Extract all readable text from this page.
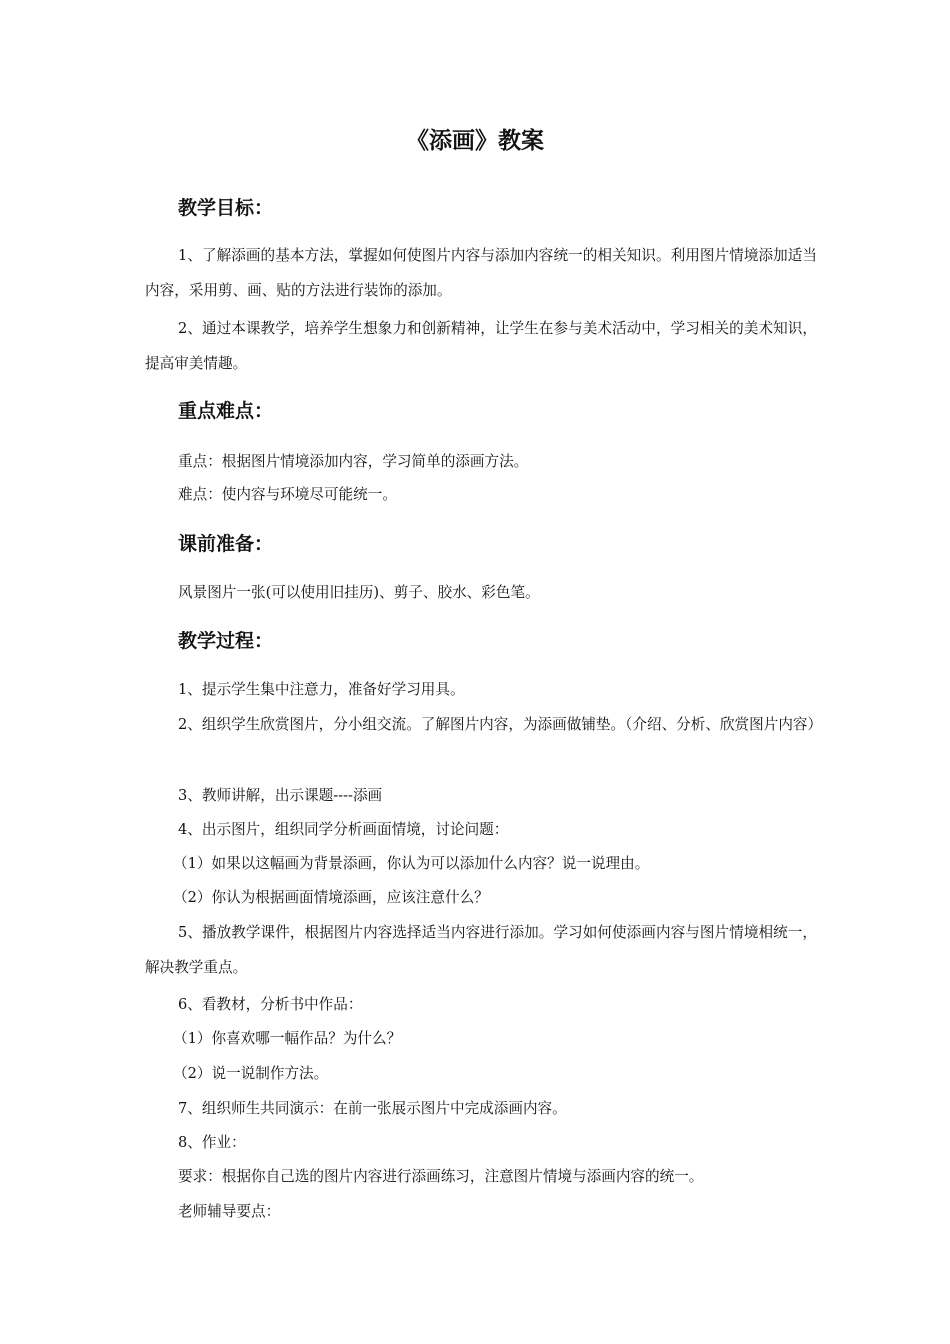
《添画》教案
教学目标：
1、了解添画的基本方法，掌握如何使图片内容与添加内容统一的相关知识。利用图片情境添加适当内容，采用剪、画、贴的方法进行装饰的添加。
2、通过本课教学，培养学生想象力和创新精神，让学生在参与美术活动中，学习相关的美术知识，提高审美情趣。
重点难点：
重点：根据图片情境添加内容，学习简单的添画方法。
难点：使内容与环境尽可能统一。
课前准备：
风景图片一张(可以使用旧挂历)、剪子、胶水、彩色笔。
教学过程：
1、提示学生集中注意力，准备好学习用具。
2、组织学生欣赏图片，分小组交流。了解图片内容，为添画做铺垫。（介绍、分析、欣赏图片内容）
3、教师讲解，出示课题----添画
4、出示图片，组织同学分析画面情境，讨论问题：
（1）如果以这幅画为背景添画，你认为可以添加什么内容？说一说理由。
（2）你认为根据画面情境添画，应该注意什么？
5、播放教学课件，根据图片内容选择适当内容进行添加。学习如何使添画内容与图片情境相统一，解决教学重点。
6、看教材，分析书中作品：
（1）你喜欢哪一幅作品？为什么？
（2）说一说制作方法。
7、组织师生共同演示：在前一张展示图片中完成添画内容。
8、作业：
要求：根据你自己选的图片内容进行添画练习，注意图片情境与添画内容的统一。
老师辅导要点：
